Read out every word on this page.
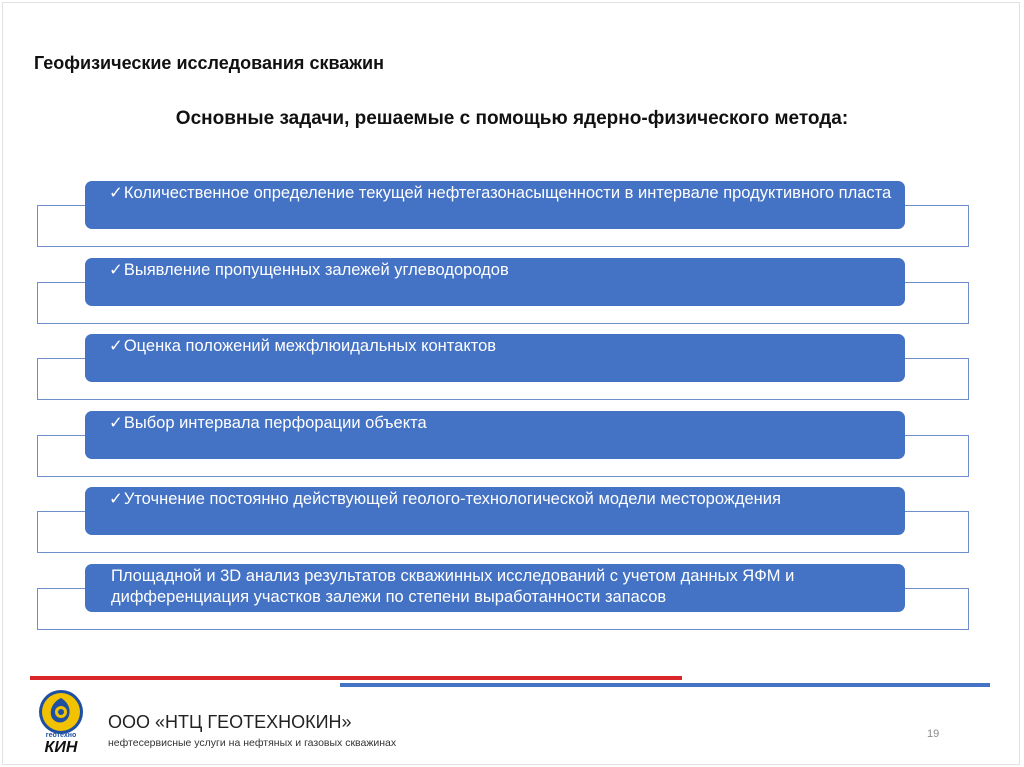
Геофизические исследования скважин
Основные задачи, решаемые с помощью ядерно-физического метода:
✓ Количественное определение текущей нефтегазонасыщенности в интервале продуктивного пласта
✓ Выявление пропущенных залежей углеводородов
✓ Оценка положений межфлюидальных контактов
✓ Выбор интервала перфорации объекта
✓ Уточнение постоянно действующей геолого-технологической модели месторождения
Площадной и 3D анализ результатов скважинных исследований с учетом данных ЯФМ и дифференциация участков залежи по степени выработанности запасов
геотехно
КИН
ООО «НТЦ ГЕОТЕХНОКИН»
нефтесервисные услуги на нефтяных и газовых скважинах
19
